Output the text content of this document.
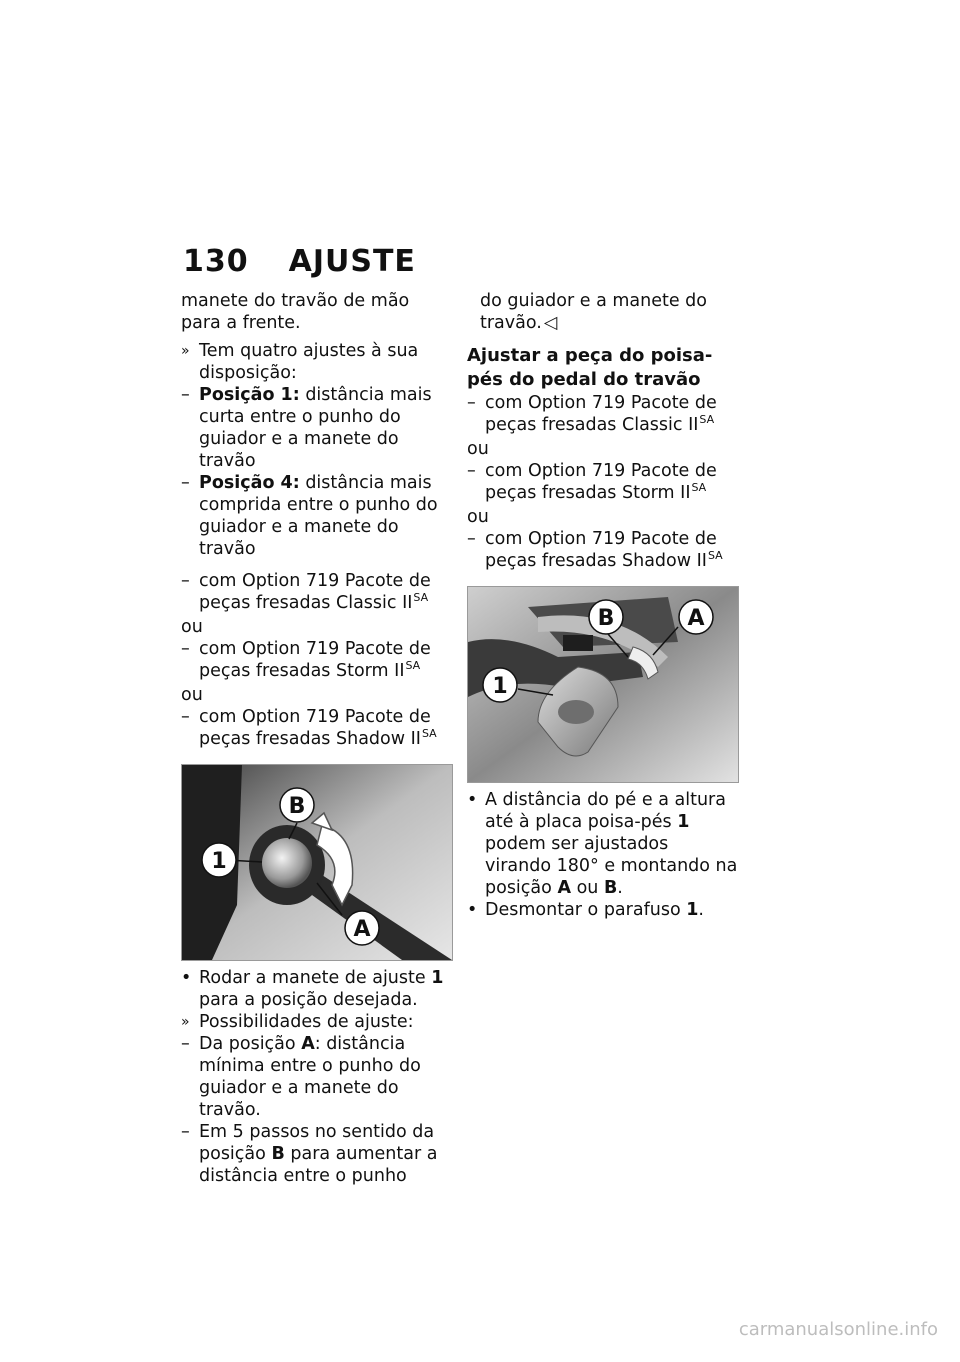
130 AJUSTE

manete do travão de mão para a frente.

» Tem quatro ajustes à sua disposição:

– Posição 1: distância mais curta entre o punho do guiador e a manete do travão

– Posição 4: distância mais comprida entre o punho do guiador e a manete do travão

– com Option 719 Pacote de peças fresadas Classic $II^{SA}$

ou

– com Option 719 Pacote de peças fresadas Storm $II^{SA}$

ou

– com Option 719 Pacote de peças fresadas Shadow $II^{SA}$

B
1
A

• Rodar a manete de ajuste 1 para a posição desejada.

» Possibilidades de ajuste:

– Da posição A: distância mínima entre o punho do guiador e a manete do travão.

– Em 5 passos no sentido da posição B para aumentar a distância entre o punho

do guiador e a manete do travão. ◁

Ajustar a peça do poisa-pés do pedal do travão

– com Option 719 Pacote de peças fresadas Classic $II^{SA}$

ou

– com Option 719 Pacote de peças fresadas Storm $II^{SA}$

ou

– com Option 719 Pacote de peças fresadas Shadow $II^{SA}$

B	A
1

• A distância do pé e a altura até à placa poisa-pés 1 podem ser ajustados virando 180° e montando na posição A ou B.

• Desmontar o parafuso 1.

carmanualsonline.info
